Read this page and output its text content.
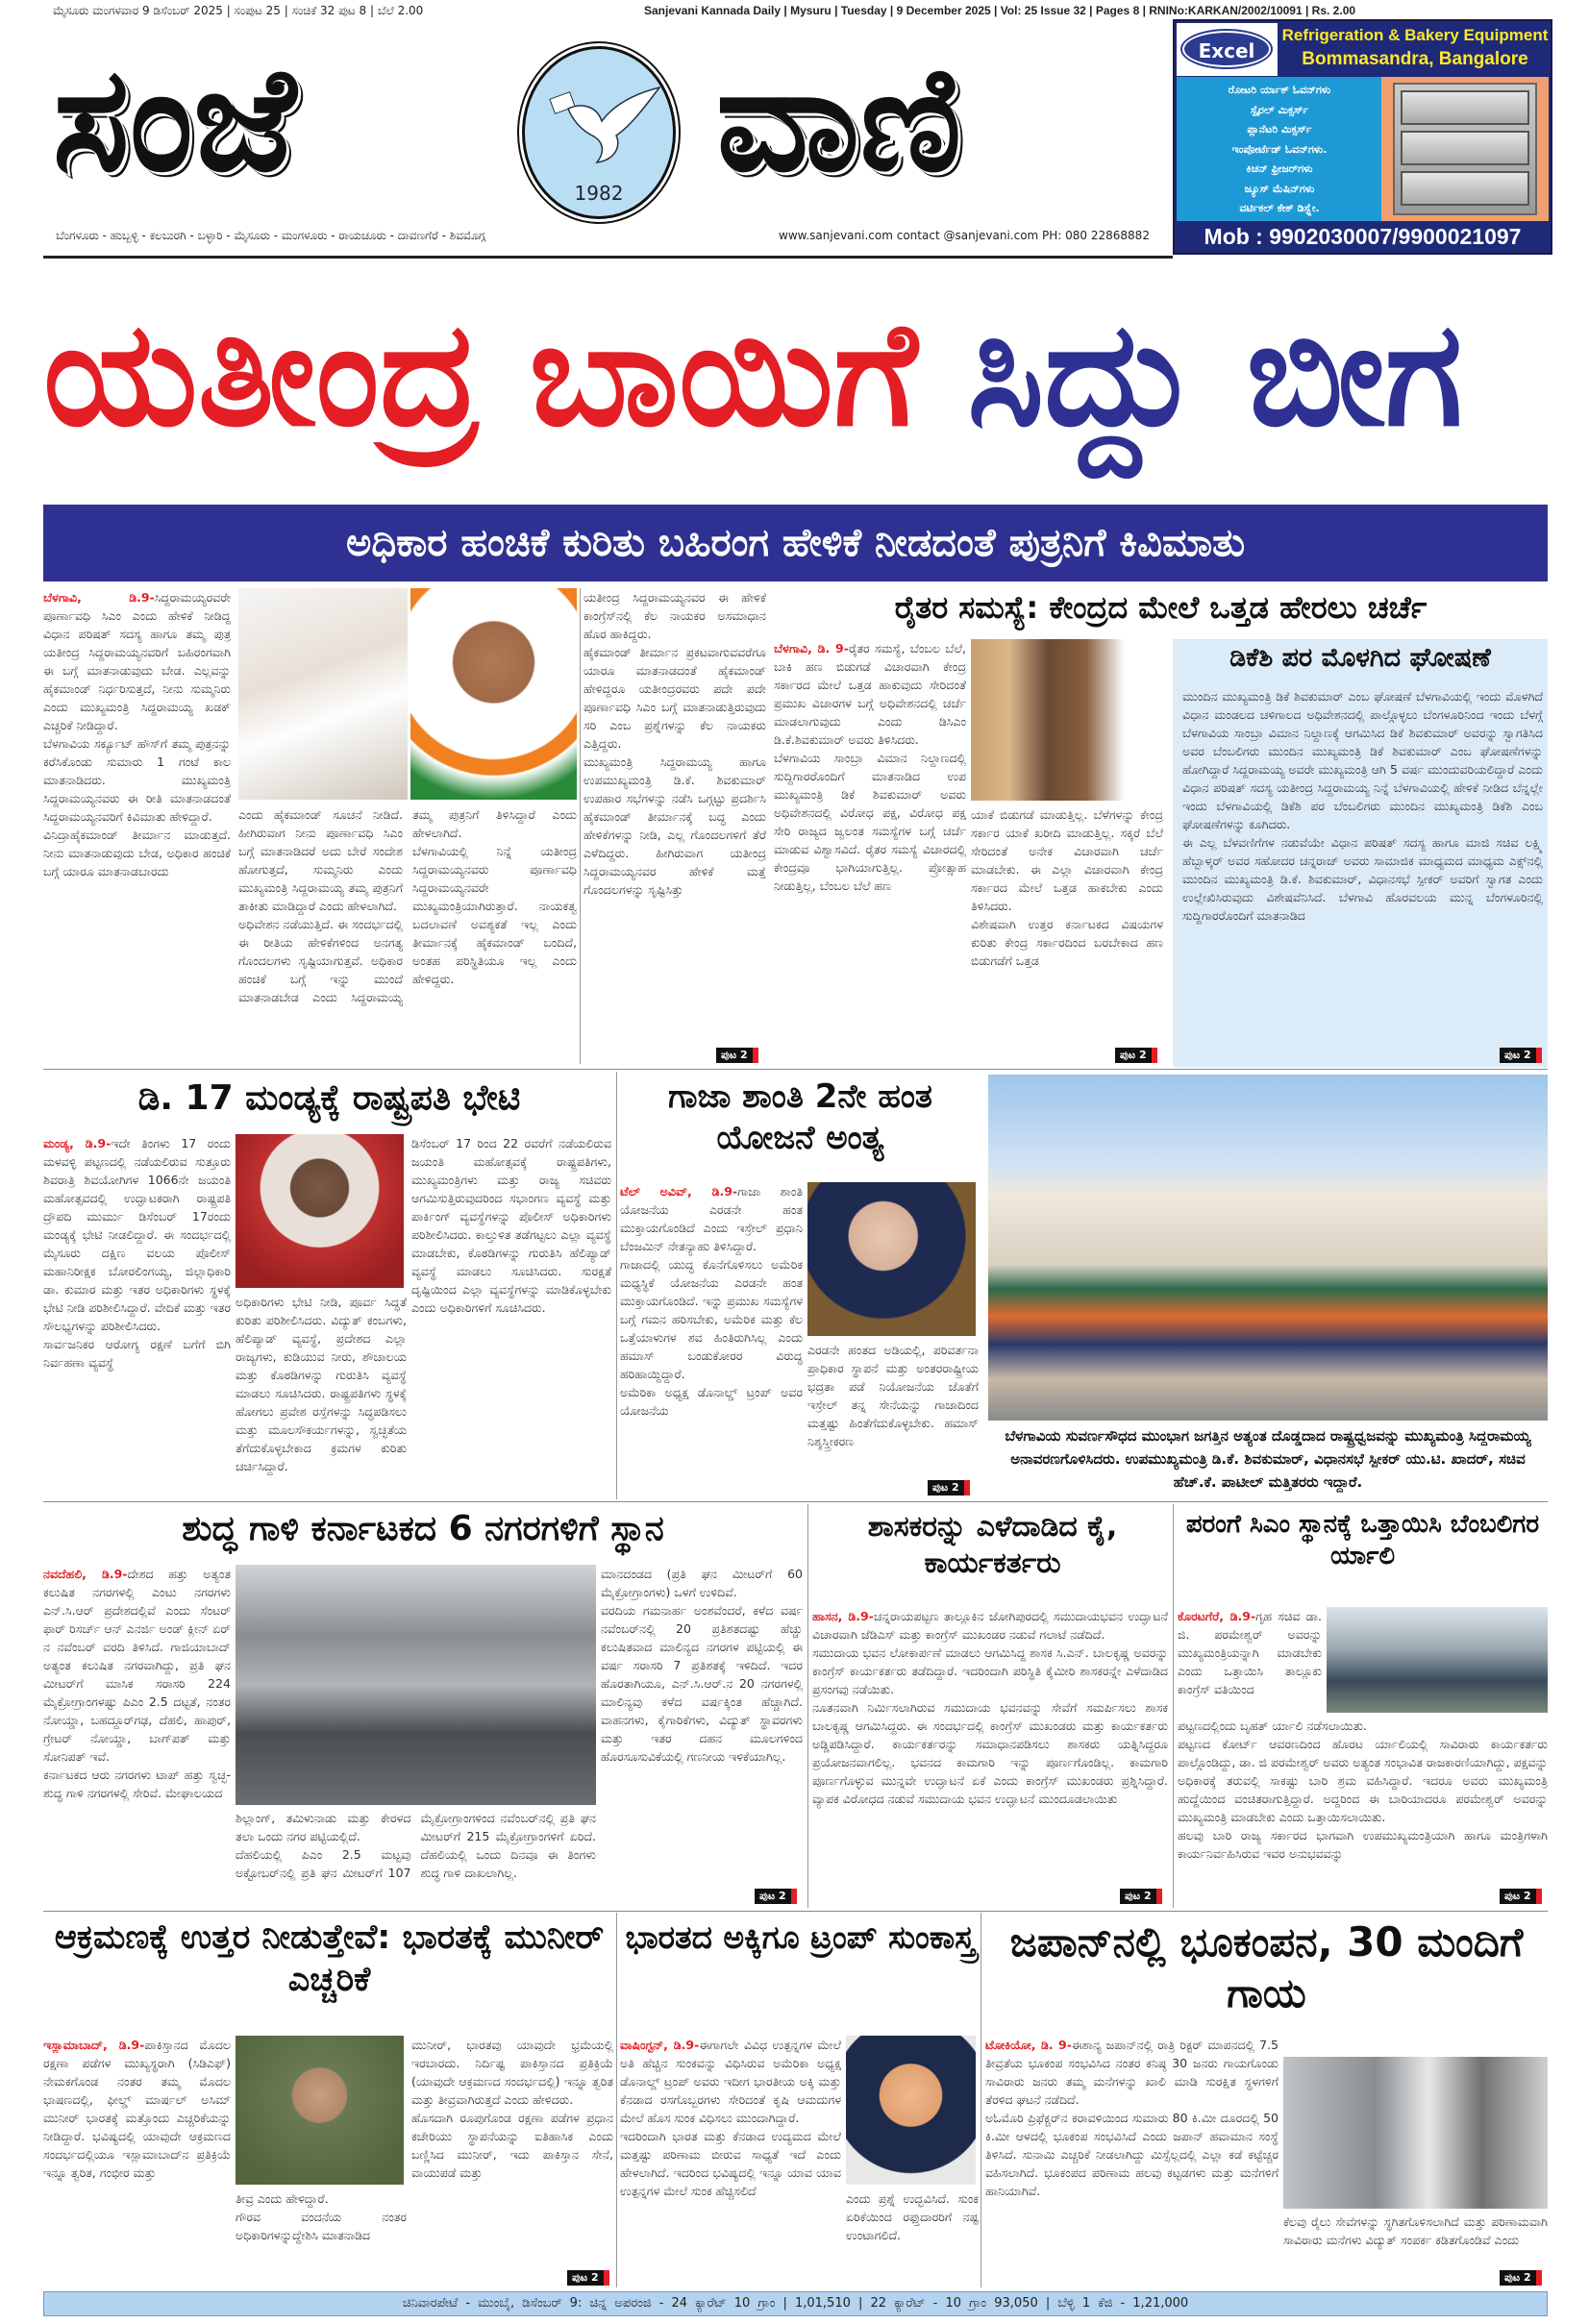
ಮೈಸೂರು ಮಂಗಳವಾರ 9 ಡಿಸೆಂಬರ್ 2025 | ಸಂಪುಟ 25 | ಸಂಚಿಕೆ 32 ಪುಟ 8 | ಬೆಲೆ 2.00	Sanjevani Kannada Daily | Mysuru | Tuesday | 9 December 2025 | Vol: 25 Issue 32 | Pages 8 | RNINo:KARKAN/2002/10091 | Rs. 2.00
ಸಂಜೆ	1982 ವಾಣಿ
ಬೆಂಗಳೂರು - ಹುಬ್ಬಳ್ಳಿ - ಕಲಬುರಗಿ - ಬಳ್ಳಾರಿ - ಮೈಸೂರು - ಮಂಗಳೂರು - ರಾಯಚೂರು - ದಾವಣಗೆರೆ - ಶಿವಮೊಗ್ಗ	www.sanjevani.com contact @sanjevani.com PH: 080 22868882
Excel
Refrigeration & Bakery Equipment
Bommasandra, Bangalore
ರೋಟರಿ ರ್ಯಾಕ್ ಓವನ್‌ಗಳು
ಸ್ಪೈರಲ್ ಮಿಕ್ಸರ್ಸ್
ಪ್ಲಾನೆಟರಿ ಮಿಕ್ಸರ್ಸ್
ಇಂಪೋರ್ಟೆಡ್ ಓವನ್‌ಗಳು.
ಕಿಚನ್ ಫ್ರೀಜರ್‌ಗಳು
ಜ್ಯೂಸ್ ಮೆಷಿನ್‌ಗಳು
ವರ್ಟಿಕಲ್ ಕೇಕ್ ಡಿಸ್ಪ್ಲೇ.
Mob : 9902030007/9900021097
ಯತೀಂದ್ರ ಬಾಯಿಗೆ ಸಿದ್ದು ಬೀಗ
ಅಧಿಕಾರ ಹಂಚಿಕೆ ಕುರಿತು ಬಹಿರಂಗ ಹೇಳಿಕೆ ನೀಡದಂತೆ ಪುತ್ರನಿಗೆ ಕಿವಿಮಾತು
ಬೆಳಗಾವಿ, ಡಿ.9-ಸಿದ್ದರಾಮಯ್ಯರವರೇ ಪೂರ್ಣಾವಧಿ ಸಿಎಂ ಎಂದು ಹೇಳಿಕೆ ನೀಡಿದ್ದ ವಿಧಾನ ಪರಿಷತ್ ಸದಸ್ಯ ಹಾಗೂ ತಮ್ಮ ಪುತ್ರ ಯತೀಂದ್ರ ಸಿದ್ದರಾಮಯ್ಯನವರಿಗೆ ಬಹಿರಂಗವಾಗಿ ಈ ಬಗ್ಗೆ ಮಾತನಾಡುವುದು ಬೇಡ. ಎಲ್ಲವನ್ನು ಹೈಕಮಾಂಡ್ ನಿರ್ಧರಿಸುತ್ತದೆ, ನೀನು ಸುಮ್ಮನಿರು ಎಂದು ಮುಖ್ಯಮಂತ್ರಿ ಸಿದ್ದರಾಮಯ್ಯ ಖಡಕ್ ಎಚ್ಚರಿಕೆ ನೀಡಿದ್ದಾರೆ.
ಬೆಳಗಾವಿಯ ಸರ್ಕ್ಯೂಟ್ ಹೌಸ್‌ಗೆ ತಮ್ಮ ಪುತ್ರನನ್ನು ಕರೆಸಿಕೊಂಡು ಸುಮಾರು 1 ಗಂಟೆ ಕಾಲ ಮಾತನಾಡಿದರು. ಮುಖ್ಯಮಂತ್ರಿ ಸಿದ್ದರಾಮಯ್ಯನವರು ಈ ರೀತಿ ಮಾತನಾಡದಂತೆ ಸಿದ್ದರಾಮಯ್ಯನವರಿಗೆ ಕಿವಿಮಾತು ಹೇಳಿದ್ದಾರೆ.
ವಿನಿದ್ರಾಹೈಕಮಾಂಡ್ ತೀರ್ಮಾನ ಮಾಡುತ್ತದೆ. ನೀನು ಮಾತನಾಡುವುದು ಬೇಡ, ಅಧಿಕಾರ ಹಂಚಿಕೆ ಬಗ್ಗೆ ಯಾರೂ ಮಾತನಾಡಬಾರದು
ಎಂದು ಹೈಕಮಾಂಡ್ ಸೂಚನೆ ನೀಡಿದೆ. ಹೀಗಿರುವಾಗ ನೀನು ಪೂರ್ಣಾವಧಿ ಸಿಎಂ ಬಗ್ಗೆ ಮಾತನಾಡಿದರೆ ಅದು ಬೇರೆ ಸಂದೇಶ ಹೋಗುತ್ತದೆ, ಸುಮ್ಮನಿರು ಎಂದು ಮುಖ್ಯಮಂತ್ರಿ ಸಿದ್ದರಾಮಯ್ಯ ತಮ್ಮ ಪುತ್ರನಿಗೆ ತಾಕೀತು ಮಾಡಿದ್ದಾರೆ ಎಂದು ಹೇಳಲಾಗಿದೆ.
ಅಧಿವೇಶನ ನಡೆಯುತ್ತಿದೆ. ಈ ಸಂದರ್ಭದಲ್ಲಿ ಈ ರೀತಿಯ ಹೇಳಿಕೆಗಳಿಂದ ಅನಗತ್ಯ ಗೊಂದಲಗಳು ಸೃಷ್ಟಿಯಾಗುತ್ತವೆ. ಅಧಿಕಾರ ಹಂಚಿಕೆ ಬಗ್ಗೆ ಇನ್ನು ಮುಂದೆ ಮಾತನಾಡಬೇಡ ಎಂದು ಸಿದ್ದರಾಮಯ್ಯ ತಮ್ಮ ಪುತ್ರನಿಗೆ ತಿಳಿಸಿದ್ದಾರೆ ಎಂದು ಹೇಳಲಾಗಿದೆ.
ಬೆಳಗಾವಿಯಲ್ಲಿ ನಿನ್ನೆ ಯತೀಂದ್ರ ಸಿದ್ದರಾಮಯ್ಯನವರು ಪೂರ್ಣಾವಧಿ ಸಿದ್ದರಾಮಯ್ಯನವರೇ ಮುಖ್ಯಮಂತ್ರಿಯಾಗಿರುತ್ತಾರೆ. ನಾಯಕತ್ವ ಬದಲಾವಣೆ ಅವಶ್ಯಕತೆ ಇಲ್ಲ ಎಂದು ತೀರ್ಮಾನಕ್ಕೆ ಹೈಕಮಾಂಡ್ ಬಂದಿದೆ, ಅಂತಹ ಪರಿಸ್ಥಿತಿಯೂ ಇಲ್ಲ ಎಂದು ಹೇಳಿದ್ದರು.
ಯತೀಂದ್ರ ಸಿದ್ದರಾಮಯ್ಯನವರ ಈ ಹೇಳಿಕೆ ಕಾಂಗ್ರೆಸ್‌ನಲ್ಲಿ ಕೆಲ ನಾಯಕರ ಅಸಮಾಧಾನ ಹೊರ ಹಾಕಿದ್ದರು.
ಹೈಕಮಾಂಡ್ ತೀರ್ಮಾನ ಪ್ರಕಟವಾಗುವವರೆಗೂ ಯಾರೂ ಮಾತನಾಡದಂತೆ ಹೈಕಮಾಂಡ್ ಹೇಳಿದ್ದರೂ ಯತೀಂದ್ರರವರು ಪದೇ ಪದೇ ಪೂರ್ಣಾವಧಿ ಸಿಎಂ ಬಗ್ಗೆ ಮಾತನಾಡುತ್ತಿರುವುದು ಸರಿ ಎಂಬ ಪ್ರಶ್ನೆಗಳನ್ನು ಕೆಲ ನಾಯಕರು ಎತ್ತಿದ್ದರು.
ಮುಖ್ಯಮಂತ್ರಿ ಸಿದ್ದರಾಮಯ್ಯ ಹಾಗೂ ಉಪಮುಖ್ಯಮಂತ್ರಿ ಡಿ.ಕೆ. ಶಿವಕುಮಾರ್ ಉಪಹಾರ ಸಭೆಗಳನ್ನು ನಡೆಸಿ ಒಗ್ಗಟ್ಟು ಪ್ರದರ್ಶಿಸಿ ಹೈಕಮಾಂಡ್ ತೀರ್ಮಾನಕ್ಕೆ ಬದ್ಧ ಎಂದು ಹೇಳಿಕೆಗಳನ್ನು ನೀಡಿ, ಎಲ್ಲ ಗೊಂದಲಗಳಿಗೆ ತೆರೆ ಎಳೆದಿದ್ದರು. ಹೀಗಿರುವಾಗ ಯತೀಂದ್ರ ಸಿದ್ದರಾಮಯ್ಯನವರ ಹೇಳಿಕೆ ಮತ್ತೆ ಗೊಂದಲಗಳನ್ನು ಸೃಷ್ಟಿಸಿತ್ತು
ಪುಟ 2
ರೈತರ ಸಮಸ್ಯೆ: ಕೇಂದ್ರದ ಮೇಲೆ ಒತ್ತಡ ಹೇರಲು ಚರ್ಚೆ
ಬೆಳಗಾವಿ, ಡಿ. 9-ರೈತರ ಸಮಸ್ಯೆ, ಬೆಂಬಲ ಬೆಲೆ, ಬಾಕಿ ಹಣ ಬಿಡುಗಡೆ ವಿಚಾರವಾಗಿ ಕೇಂದ್ರ ಸರ್ಕಾರದ ಮೇಲೆ ಒತ್ತಡ ಹಾಕುವುದು ಸೇರಿದಂತೆ ಪ್ರಮುಖ ವಿಚಾರಗಳ ಬಗ್ಗೆ ಅಧಿವೇಶನದಲ್ಲಿ ಚರ್ಚೆ ಮಾಡಲಾಗುವುದು ಎಂದು ಡಿಸಿಎಂ ಡಿ.ಕೆ.ಶಿವಕುಮಾರ್ ಅವರು ತಿಳಿಸಿದರು.
ಬೆಳಗಾವಿಯ ಸಾಂಬ್ರಾ ವಿಮಾನ ನಿಲ್ದಾಣದಲ್ಲಿ ಸುದ್ದಿಗಾರರೊಂದಿಗೆ ಮಾತನಾಡಿದ ಉಪ ಮುಖ್ಯಮಂತ್ರಿ ಡಿಕೆ ಶಿವಕುಮಾರ್ ಅವರು ಅಧಿವೇಶನದಲ್ಲಿ ವಿರೋಧ ಪಕ್ಷ, ವಿರೋಧ ಪಕ್ಷ ಸೇರಿ ರಾಜ್ಯದ ಜ್ವಲಂತ ಸಮಸ್ಯೆಗಳ ಬಗ್ಗೆ ಚರ್ಚೆ ಮಾಡುವ ವಿಶ್ವಾಸವಿದೆ. ರೈತರ ಸಮಸ್ಯೆ ವಿಚಾರದಲ್ಲಿ ಕೇಂದ್ರವೂ ಭಾಗಿಯಾಗುತ್ತಿಲ್ಲ. ಪ್ರೋತ್ಸಾಹ ನೀಡುತ್ತಿಲ್ಲ, ಬೆಂಬಲ ಬೆಲೆ ಹಣ
ಯಾಕೆ ಬಿಡುಗಡೆ ಮಾಡುತ್ತಿಲ್ಲ. ಬೆಳೆಗಳನ್ನು ಕೇಂದ್ರ ಸರ್ಕಾರ ಯಾಕೆ ಖರೀದಿ ಮಾಡುತ್ತಿಲ್ಲ. ಸಕ್ಕರೆ ಬೆಲೆ ಸೇರಿದಂತೆ ಅನೇಕ ವಿಚಾರವಾಗಿ ಚರ್ಚೆ ಮಾಡಬೇಕು. ಈ ಎಲ್ಲಾ ವಿಚಾರವಾಗಿ ಕೇಂದ್ರ ಸರ್ಕಾರದ ಮೇಲೆ ಒತ್ತಡ ಹಾಕಬೇಕು ಎಂದು ತಿಳಿಸಿದರು.
ವಿಶೇಷವಾಗಿ ಉತ್ತರ ಕರ್ನಾಟಕದ ವಿಷಯಗಳ ಕುರಿತು ಕೇಂದ್ರ ಸರ್ಕಾರದಿಂದ ಬರಬೇಕಾದ ಹಣ ಬಿಡುಗಡೆಗೆ ಒತ್ತಡ
ಪುಟ 2
ಡಿಕೆಶಿ ಪರ ಮೊಳಗಿದ ಘೋಷಣೆ
ಮುಂದಿನ ಮುಖ್ಯಮಂತ್ರಿ ಡಿಕೆ ಶಿವಕುಮಾರ್ ಎಂಬ ಘೋಷಣೆ ಬೆಳಗಾವಿಯಲ್ಲಿ ಇಂದು ಮೊಳಗಿದೆ ವಿಧಾನ ಮಂಡಲದ ಚಳಿಗಾಲದ ಅಧಿವೇಶನದಲ್ಲಿ ಪಾಲ್ಗೊಳ್ಳಲು ಬೆಂಗಳೂರಿನಿಂದ ಇಂದು ಬೆಳಗ್ಗೆ ಬೆಳಗಾವಿಯ ಸಾಂಬ್ರಾ ವಿಮಾನ ನಿಲ್ದಾಣಕ್ಕೆ ಆಗಮಿಸಿದ ಡಿಕೆ ಶಿವಕುಮಾರ್ ಅವರನ್ನು ಸ್ವಾಗತಿಸಿದ ಅವರ ಬೆಂಬಲಿಗರು ಮುಂದಿನ ಮುಖ್ಯಮಂತ್ರಿ ಡಿಕೆ ಶಿವಕುಮಾರ್ ಎಂಬ ಘೋಷಣೆಗಳನ್ನು ಹೋಗಿದ್ದಾರೆ ಸಿದ್ದರಾಮಯ್ಯ ಅವರೇ ಮುಖ್ಯಮಂತ್ರಿ ಆಗಿ 5 ವರ್ಷ ಮುಂದುವರಿಯಲಿದ್ದಾರೆ ಎಂದು ವಿಧಾನ ಪರಿಷತ್ ಸದಸ್ಯ ಯತೀಂದ್ರ ಸಿದ್ದರಾಮಯ್ಯ ನಿನ್ನೆ ಬೆಳಗಾವಿಯಲ್ಲಿ ಹೇಳಿಕೆ ನೀಡಿದ ಬೆನ್ನಲ್ಲೇ ಇಂದು ಬೆಳಗಾವಿಯಲ್ಲಿ ಡಿಕೆಶಿ ಪರ ಬೆಂಬಲಿಗರು ಮುಂದಿನ ಮುಖ್ಯಮಂತ್ರಿ ಡಿಕೆಶಿ ಎಂಬ ಘೋಷಣೆಗಳನ್ನು ಕೂಗಿದರು.
ಈ ಎಲ್ಲ ಬೆಳವಣಿಗೆಗಳ ನಡುವೆಯೇ ವಿಧಾನ ಪರಿಷತ್ ಸದಸ್ಯ ಹಾಗೂ ಮಾಜಿ ಸಚಿವ ಲಕ್ಷ್ಮಿ ಹೆಬ್ಬಾಳ್ಕರ್ ಅವರ ಸಹೋದರ ಚನ್ನರಾಜ್ ಅವರು ಸಾಮಾಜಿಕ ಮಾಧ್ಯಮದ ಮಾಧ್ಯಮ ಎಕ್ಸ್‌ನಲ್ಲಿ ಮುಂದಿನ ಮುಖ್ಯಮಂತ್ರಿ ಡಿ.ಕೆ. ಶಿವಕುಮಾರ್, ವಿಧಾನಸಭೆ ಸ್ಪೀಕರ್ ಅವರಿಗೆ ಸ್ವಾಗತ ಎಂದು ಉಲ್ಲೇಖಿಸಿರುವುದು ವಿಶೇಷವೆನಿಸಿದೆ. ಬೆಳಗಾವಿ ಹೊರವಲಯ ಮುನ್ನ ಬೆಂಗಳೂರಿನಲ್ಲಿ ಸುದ್ದಿಗಾರರೊಂದಿಗೆ ಮಾತನಾಡಿದ
ಪುಟ 2
ಡಿ. 17 ಮಂಡ್ಯಕ್ಕೆ ರಾಷ್ಟ್ರಪತಿ ಭೇಟಿ
ಮಂಡ್ಯ, ಡಿ.9-ಇದೇ ತಿಂಗಳು 17 ರಂದು ಮಳವಳ್ಳಿ ಪಟ್ಟಣದಲ್ಲಿ ನಡೆಯಲಿರುವ ಸುತ್ತೂರು ಶಿವರಾತ್ರಿ ಶಿವಯೋಗಿಗಳ 1066ನೇ ಜಯಂತಿ ಮಹೋತ್ಸವದಲ್ಲಿ ಉದ್ಘಾಟಕರಾಗಿ ರಾಷ್ಟ್ರಪತಿ ದ್ರೌಪದಿ ಮುರ್ಮು ಡಿಸೆಂಬರ್ 17ರಂದು ಮಂಡ್ಯಕ್ಕೆ ಭೇಟಿ ನೀಡಲಿದ್ದಾರೆ. ಈ ಸಂದರ್ಭದಲ್ಲಿ ಮೈಸೂರು ದಕ್ಷಿಣ ವಲಯ ಪೊಲೀಸ್ ಮಹಾನಿರೀಕ್ಷಕ ಬೋರಲಿಂಗಯ್ಯ, ಜಿಲ್ಲಾಧಿಕಾರಿ ಡಾ. ಕುಮಾರ ಮತ್ತು ಇತರ ಅಧಿಕಾರಿಗಳು ಸ್ಥಳಕ್ಕೆ ಭೇಟಿ ನೀಡಿ ಪರಿಶೀಲಿಸಿದ್ದಾರೆ. ವೇದಿಕೆ ಮತ್ತು ಇತರ ಸೌಲಭ್ಯಗಳನ್ನು ಪರಿಶೀಲಿಸಿದರು.
ಸಾರ್ವಜನಿಕರ ಆರೋಗ್ಯ ರಕ್ಷಣೆ ಬಗೆಗೆ ಬಿಗಿ ನಿರ್ವಹಣಾ ವ್ಯವಸ್ಥೆ
ಅಧಿಕಾರಿಗಳು ಭೇಟಿ ನೀಡಿ, ಪೂರ್ವ ಸಿದ್ಧತೆ ಕುರಿತು ಪರಿಶೀಲಿಸಿದರು. ವಿದ್ಯುತ್ ಕಂಬಗಳು, ಹೆಲಿಪ್ಯಾಡ್ ವ್ಯವಸ್ಥೆ, ಪ್ರದೇಶದ ಎಲ್ಲಾ ರಾಜ್ಯಗಳು, ಕುಡಿಯುವ ನೀರು, ಶೌಚಾಲಯ ಮತ್ತು ಕೊಠಡಿಗಳನ್ನು ಗುರುತಿಸಿ ವ್ಯವಸ್ಥೆ ಮಾಡಲು ಸೂಚಿಸಿದರು. ರಾಷ್ಟ್ರಪತಿಗಳು ಸ್ಥಳಕ್ಕೆ ಹೋಗಲು ಪ್ರವೇಶ ರಸ್ತೆಗಳನ್ನು ಸಿದ್ಧಪಡಿಸಲು ಮತ್ತು ಮೂಲಸೌಕರ್ಯಗಳನ್ನು, ಸ್ವಚ್ಛತೆಯ ತೆಗೆದುಕೊಳ್ಳಬೇಕಾದ ಕ್ರಮಗಳ ಕುರಿತು ಚರ್ಚಿಸಿದ್ದಾರೆ.
ಡಿಸೆಂಬರ್ 17 ರಿಂದ 22 ರವರೆಗೆ ನಡೆಯಲಿರುವ ಜಯಂತಿ ಮಹೋತ್ಸವಕ್ಕೆ ರಾಷ್ಟ್ರಪತಿಗಳು, ಮುಖ್ಯಮಂತ್ರಿಗಳು ಮತ್ತು ರಾಜ್ಯ ಸಚಿವರು ಆಗಮಿಸುತ್ತಿರುವುದರಿಂದ ಸಭಾಂಗಣ ವ್ಯವಸ್ಥೆ ಮತ್ತು ಪಾರ್ಕಿಂಗ್ ವ್ಯವಸ್ಥೆಗಳನ್ನು ಪೊಲೀಸ್ ಅಧಿಕಾರಿಗಳು ಪರಿಶೀಲಿಸಿದರು. ಕಾಲ್ತುಳಿತ ತಡೆಗಟ್ಟಲು ಎಲ್ಲಾ ವ್ಯವಸ್ಥೆ ಮಾಡಬೇಕು, ಕೊಠಡಿಗಳನ್ನು ಗುರುತಿಸಿ ಹೆಲಿಪ್ಯಾಡ್ ವ್ಯವಸ್ಥೆ ಮಾಡಲು ಸೂಚಿಸಿದರು. ಸುರಕ್ಷತೆ ದೃಷ್ಟಿಯಿಂದ ಎಲ್ಲಾ ವ್ಯವಸ್ಥೆಗಳನ್ನು ಮಾಡಿಕೊಳ್ಳಬೇಕು ಎಂದು ಅಧಿಕಾರಿಗಳಿಗೆ ಸೂಚಿಸಿದರು.
ಗಾಜಾ ಶಾಂತಿ 2ನೇ ಹಂತ ಯೋಜನೆ ಅಂತ್ಯ
ಟೆಲ್ ಅವಿವ್, ಡಿ.9-ಗಾಜಾ ಶಾಂತಿ ಯೋಜನೆಯ ಎರಡನೇ ಹಂತ ಮುಕ್ತಾಯಗೊಂಡಿದೆ ಎಂದು ಇಸ್ರೇಲ್ ಪ್ರಧಾನಿ ಬೆಂಜಮಿನ್ ನೇತನ್ಯಾಹು ತಿಳಿಸಿದ್ದಾರೆ.
ಗಾಜಾದಲ್ಲಿ ಯುದ್ಧ ಕೊನೆಗೊಳಿಸಲು ಅಮೆರಿಕ ಮಧ್ಯಸ್ಥಿಕೆ ಯೋಜನೆಯ ಎರಡನೇ ಹಂತ ಮುಕ್ತಾಯಗೊಂಡಿದೆ. ಇನ್ನು ಪ್ರಮುಖ ಸಮಸ್ಯೆಗಳ ಬಗ್ಗೆ ಗಮನ ಹರಿಸಬೇಕು, ಅಮೆರಿಕ ಮತ್ತು ಕೆಲ ಒತ್ತೆಯಾಳುಗಳ ಶವ ಹಿಂತಿರುಗಿಸಿಲ್ಲ ಎಂದು ಹಮಾಸ್ ಬಂಡುಕೋರರ ವಿರುದ್ಧ ಹರಿಹಾಯ್ದಿದ್ದಾರೆ.
ಅಮೆರಿಕಾ ಅಧ್ಯಕ್ಷ ಡೊನಾಲ್ಡ್ ಟ್ರಂಪ್ ಅವರ ಯೋಜನೆಯ
ಎರಡನೇ ಹಂತದ ಅಡಿಯಲ್ಲಿ, ಪರಿವರ್ತನಾ ಪ್ರಾಧಿಕಾರ ಸ್ಥಾಪನೆ ಮತ್ತು ಅಂತರರಾಷ್ಟ್ರೀಯ ಭದ್ರತಾ ಪಡೆ ನಿಯೋಜನೆಯ ಜೊತೆಗೆ ಇಸ್ರೇಲ್ ತನ್ನ ಸೇನೆಯನ್ನು ಗಾಜಾದಿಂದ ಮತ್ತಷ್ಟು ಹಿಂತೆಗೆದುಕೊಳ್ಳಬೇಕು. ಹಮಾಸ್ ನಿಶ್ಶಸ್ತ್ರೀಕರಣ
ಪುಟ 2
ಬೆಳಗಾವಿಯ ಸುವರ್ಣಸೌಧದ ಮುಂಭಾಗ ಜಗತ್ತಿನ ಅತ್ಯಂತ ದೊಡ್ಡದಾದ ರಾಷ್ಟ್ರಧ್ವಜವನ್ನು ಮುಖ್ಯಮಂತ್ರಿ ಸಿದ್ದರಾಮಯ್ಯ ಅನಾವರಣಗೊಳಿಸಿದರು. ಉಪಮುಖ್ಯಮಂತ್ರಿ ಡಿ.ಕೆ. ಶಿವಕುಮಾರ್, ವಿಧಾನಸಭೆ ಸ್ಪೀಕರ್ ಯು.ಟಿ. ಖಾದರ್, ಸಚಿವ ಹೆಚ್.ಕೆ. ಪಾಟೀಲ್ ಮತ್ತಿತರರು ಇದ್ದಾರೆ.
ಶುದ್ಧ ಗಾಳಿ ಕರ್ನಾಟಕದ 6 ನಗರಗಳಿಗೆ ಸ್ಥಾನ
ನವದೆಹಲಿ, ಡಿ.9-ದೇಶದ ಹತ್ತು ಅತ್ಯಂತ ಕಲುಷಿತ ನಗರಗಳಲ್ಲಿ ಎಂಟು ನಗರಗಳು ಎನ್‌.ಸಿ.ಆರ್ ಪ್ರದೇಶದಲ್ಲಿವೆ ಎಂದು ಸೆಂಟರ್ ಫಾರ್ ರಿಸರ್ಚ್ ಆನ್ ಎನರ್ಜಿ ಅಂಡ್ ಕ್ಲೀನ್ ಏರ್ ನ ನವೆಂಬರ್ ವರದಿ ತಿಳಿಸಿದೆ. ಗಾಜಿಯಾಬಾದ್ ಅತ್ಯಂತ ಕಲುಷಿತ ನಗರವಾಗಿದ್ದು, ಪ್ರತಿ ಘನ ಮೀಟರ್‌ಗೆ ಮಾಸಿಕ ಸರಾಸರಿ 224 ಮೈಕ್ರೋಗ್ರಾಂಗಳಷ್ಟು ಪಿಎಂ 2.5 ದಟ್ಟತೆ, ನಂತರ ನೋಯ್ಡಾ, ಬಹದ್ದೂರ್‌ಗಢ, ದೆಹಲಿ, ಹಾಪುರ್, ಗ್ರೇಟರ್ ನೋಯ್ಡಾ, ಬಾಗ್‌ಪತ್ ಮತ್ತು ಸೋನಿಪತ್ ಇವೆ.
ಕರ್ನಾಟಕದ ಆರು ನಗರಗಳು ಟಾಪ್ ಹತ್ತು ಸ್ವಚ್ಛ-ಶುದ್ಧ ಗಾಳಿ ನಗರಗಳಲ್ಲಿ ಸೇರಿವೆ. ಮೇಘಾಲಯದ
ಶಿಲ್ಲಾಂಗ್, ತಮಿಳುನಾಡು ಮತ್ತು ಕೇರಳದ ತಲಾ ಒಂದು ನಗರ ಪಟ್ಟಿಯಲ್ಲಿದೆ.
ದೆಹಲಿಯಲ್ಲಿ ಪಿಎಂ 2.5 ಮಟ್ಟವು ಅಕ್ಟೋಬರ್‌ನಲ್ಲಿ ಪ್ರತಿ ಘನ ಮೀಟರ್‌ಗೆ 107 ಮೈಕ್ರೋಗ್ರಾಂಗಳಿಂದ ನವೆಂಬರ್‌ನಲ್ಲಿ ಪ್ರತಿ ಘನ ಮೀಟರ್‌ಗೆ 215 ಮೈಕ್ರೋಗ್ರಾಂಗಳಿಗೆ ಏರಿದೆ. ದೆಹಲಿಯಲ್ಲಿ ಒಂದು ದಿನವೂ ಈ ತಿಂಗಳು ಶುದ್ಧ ಗಾಳಿ ದಾಖಲಾಗಿಲ್ಲ.
ಮಾನದಂಡದ (ಪ್ರತಿ ಘನ ಮೀಟರ್‌ಗೆ 60 ಮೈಕ್ರೋಗ್ರಾಂಗಳು) ಒಳಗೆ ಉಳಿದಿವೆ.
ವರದಿಯ ಗಮನಾರ್ಹ ಅಂಶವೆಂದರೆ, ಕಳೆದ ವರ್ಷ ನವೆಂಬರ್‌ನಲ್ಲಿ 20 ಪ್ರತಿಶತದಷ್ಟು ಹೆಚ್ಚು ಕಲುಷಿತವಾದ ಮಾಲಿನ್ಯದ ನಗರಗಳ ಪಟ್ಟಿಯಲ್ಲಿ ಈ ವರ್ಷ ಸರಾಸರಿ 7 ಪ್ರತಿಶತಕ್ಕೆ ಇಳಿದಿದೆ. ಇದರ ಹೊರತಾಗಿಯೂ, ಎನ್‌.ಸಿ.ಆರ್‌.ನ 20 ನಗರಗಳಲ್ಲಿ ಮಾಲಿನ್ಯವು ಕಳೆದ ವರ್ಷಕ್ಕಿಂತ ಹೆಚ್ಚಾಗಿದೆ. ವಾಹನಗಳು, ಕೈಗಾರಿಕೆಗಳು, ವಿದ್ಯುತ್ ಸ್ಥಾವರಗಳು ಮತ್ತು ಇತರ ದಹನ ಮೂಲಗಳಿಂದ ಹೊರಸೂಸುವಿಕೆಯಲ್ಲಿ ಗಣನೀಯ ಇಳಿಕೆಯಾಗಿಲ್ಲ.
ಪುಟ 2
ಶಾಸಕರನ್ನು ಎಳೆದಾಡಿದ ಕೈ, ಕಾರ್ಯಕರ್ತರು
ಹಾಸನ, ಡಿ.9-ಚನ್ನರಾಯಪಟ್ಟಣ ತಾಲ್ಲೂಕಿನ ಜೋಗಿಪುರದಲ್ಲಿ ಸಮುದಾಯಭವನ ಉದ್ಘಾಟನೆ ವಿಚಾರವಾಗಿ ಜೆಡಿಎಸ್ ಮತ್ತು ಕಾಂಗ್ರೆಸ್ ಮುಖಂಡರ ನಡುವೆ ಗಲಾಟೆ ನಡೆದಿದೆ.
ಸಮುದಾಯ ಭವನ ಲೋಕಾರ್ಪಣೆ ಮಾಡಲು ಆಗಮಿಸಿದ್ದ ಶಾಸಕ ಸಿ.ಎನ್. ಬಾಲಕೃಷ್ಣ ಅವರನ್ನು ಕಾಂಗ್ರೆಸ್ ಕಾರ್ಯಕರ್ತರು ತಡೆದಿದ್ದಾರೆ. ಇದರಿಂದಾಗಿ ಪರಿಸ್ಥಿತಿ ಕೈಮೀರಿ ಶಾಸಕರನ್ನೇ ಎಳೆದಾಡಿದ ಪ್ರಸಂಗವು ನಡೆಯಿತು.
ನೂತನವಾಗಿ ನಿರ್ಮಿಸಲಾಗಿರುವ ಸಮುದಾಯ ಭವನವನ್ನು ಸೇವೆಗೆ ಸಮರ್ಪಿಸಲು ಶಾಸಕ ಬಾಲಕೃಷ್ಣ ಆಗಮಿಸಿದ್ದರು. ಈ ಸಂದರ್ಭದಲ್ಲಿ ಕಾಂಗ್ರೆಸ್ ಮುಖಂಡರು ಮತ್ತು ಕಾರ್ಯಕರ್ತರು ಅಡ್ಡಿಪಡಿಸಿದ್ದಾರೆ. ಕಾರ್ಯಕರ್ತರನ್ನು ಸಮಾಧಾನಪಡಿಸಲು ಶಾಸಕರು ಯತ್ನಿಸಿದ್ದರೂ ಪ್ರಯೋಜನವಾಗಲಿಲ್ಲ. ಭವನದ ಕಾಮಗಾರಿ ಇನ್ನು ಪೂರ್ಣಗೊಂಡಿಲ್ಲ. ಕಾಮಗಾರಿ ಪೂರ್ಣಗೊಳ್ಳುವ ಮುನ್ನವೇ ಉದ್ಘಾಟನೆ ಏಕೆ ಎಂದು ಕಾಂಗ್ರೆಸ್ ಮುಖಂಡರು ಪ್ರಶ್ನಿಸಿದ್ದಾರೆ. ವ್ಯಾಪಕ ವಿರೋಧದ ನಡುವೆ ಸಮುದಾಯ ಭವನ ಉದ್ಘಾಟನೆ ಮುಂದೂಡಲಾಯಿತು
ಪುಟ 2
ಪರಂಗೆ ಸಿಎಂ ಸ್ಥಾನಕ್ಕೆ ಒತ್ತಾಯಿಸಿ ಬೆಂಬಲಿಗರ ರ್ಯಾಲಿ
ಕೊರಟಗೆರೆ, ಡಿ.9-ಗೃಹ ಸಚಿವ ಡಾ. ಜಿ. ಪರಮೇಶ್ವರ್ ಅವರನ್ನು ಮುಖ್ಯಮಂತ್ರಿಯನ್ನಾಗಿ ಮಾಡಬೇಕು ಎಂದು ಒತ್ತಾಯಿಸಿ ತಾಲ್ಲೂಕು ಕಾಂಗ್ರೆಸ್ ವತಿಯಿಂದ
ಪಟ್ಟಣದಲ್ಲಿಂದು ಬೃಹತ್ ರ್ಯಾಲಿ ನಡೆಸಲಾಯಿತು.
ಪಟ್ಟಣದ ಕೋರ್ಟ್ ಆವರಣದಿಂದ ಹೊರಟ ರ್ಯಾಲಿಯಲ್ಲಿ ಸಾವಿರಾರು ಕಾರ್ಯಕರ್ತರು ಪಾಲ್ಗೊಂಡಿದ್ದು, ಡಾ. ಜಿ ಪರಮೇಶ್ವರ್ ಅವರು ಅತ್ಯಂತ ಸಂಭಾವಿತ ರಾಜಕಾರಣಿಯಾಗಿದ್ದು, ಪಕ್ಷವನ್ನು ಅಧಿಕಾರಕ್ಕೆ ತರುವಲ್ಲಿ ಸಾಕಷ್ಟು ಬಾರಿ ಶ್ರಮ ವಹಿಸಿದ್ದಾರೆ. ಇದರೂ ಅವರು ಮುಖ್ಯಮಂತ್ರಿ ಹುದ್ದೆಯಿಂದ ವಂಚಿತರಾಗುತ್ತಿದ್ದಾರೆ. ಅದ್ದರಿಂದ ಈ ಬಾರಿಯಾದರೂ ಪರಮೇಶ್ವರ್ ಅವರನ್ನು ಮುಖ್ಯಮಂತ್ರಿ ಮಾಡಬೇಕು ಎಂದು ಒತ್ತಾಯಿಸಲಾಯಿತು.
ಹಲವು ಬಾರಿ ರಾಜ್ಯ ಸರ್ಕಾರದ ಭಾಗವಾಗಿ ಉಪಮುಖ್ಯಮಂತ್ರಿಯಾಗಿ ಹಾಗೂ ಮಂತ್ರಿಗಳಾಗಿ ಕಾರ್ಯನಿರ್ವಹಿಸಿರುವ ಇವರ ಅನುಭವವನ್ನು
ಪುಟ 2
ಆಕ್ರಮಣಕ್ಕೆ ಉತ್ತರ ನೀಡುತ್ತೇವೆ: ಭಾರತಕ್ಕೆ ಮುನೀರ್ ಎಚ್ಚರಿಕೆ
ಇಸ್ಲಾಮಾಬಾದ್, ಡಿ.9-ಪಾಕಿಸ್ತಾನದ ಮೊದಲ ರಕ್ಷಣಾ ಪಡೆಗಳ ಮುಖ್ಯಸ್ಥರಾಗಿ (ಸಿಡಿಎಫ್) ನೇಮಕಗೊಂಡ ನಂತರ ತಮ್ಮ ಮೊದಲ ಭಾಷಣದಲ್ಲಿ, ಫೀಲ್ಡ್ ಮಾರ್ಷಲ್ ಅಸಿಮ್ ಮುನೀರ್ ಭಾರತಕ್ಕೆ ಮತ್ತೊಂದು ಎಚ್ಚರಿಕೆಯನ್ನು ನೀಡಿದ್ದಾರೆ. ಭವಿಷ್ಯದಲ್ಲಿ ಯಾವುದೇ ಆಕ್ರಮಣದ ಸಂದರ್ಭದಲ್ಲಿಯೂ ಇಸ್ಲಾಮಾಬಾದ್‌ನ ಪ್ರತಿಕ್ರಿಯೆ ಇನ್ನೂ ತ್ವರಿತ, ಗಂಭೀರ ಮತ್ತು
ತೀವ್ರ ಎಂದು ಹೇಳಿದ್ದಾರೆ.
ಗೌರವ ವಂದನೆಯ ನಂತರ ಅಧಿಕಾರಿಗಳನ್ನುದ್ದೇಶಿಸಿ ಮಾತನಾಡಿದ
ಮುನೀರ್, ಭಾರತವು ಯಾವುದೇ ಭ್ರಮೆಯಲ್ಲಿ ಇರಬಾರದು. ನಿರ್ದಿಷ್ಟ ಪಾಕಿಸ್ತಾನದ ಪ್ರತಿಕ್ರಿಯೆ (ಯಾವುದೇ ಆಕ್ರಮಣದ ಸಂದರ್ಭದಲ್ಲಿ) ಇನ್ನೂ ತ್ವರಿತ ಮತ್ತು ತೀವ್ರವಾಗಿರುತ್ತದೆ ಎಂದು ಹೇಳಿದರು.
ಹೊಸದಾಗಿ ರೂಪುಗೊಂಡ ರಕ್ಷಣಾ ಪಡೆಗಳ ಪ್ರಧಾನ ಕಚೇರಿಯು ಸ್ಥಾಪನೆಯನ್ನು ಐತಿಹಾಸಿಕ ಎಂದು ಬಣ್ಣಿಸಿದ ಮುನೀರ್, ಇದು ಪಾಕಿಸ್ತಾನ ಸೇನೆ, ವಾಯುಪಡೆ ಮತ್ತು
ಪುಟ 2
ಭಾರತದ ಅಕ್ಕಿಗೂ ಟ್ರಂಪ್ ಸುಂಕಾಸ್ತ್ರ
ವಾಷಿಂಗ್ಟನ್, ಡಿ.9-ಈಗಾಗಲೇ ವಿವಿಧ ಉತ್ಪನ್ನಗಳ ಮೇಲೆ ಅತಿ ಹೆಚ್ಚಿನ ಸುಂಕವನ್ನು ವಿಧಿಸಿರುವ ಅಮೆರಿಕಾ ಅಧ್ಯಕ್ಷ ಡೊನಾಲ್ಡ್ ಟ್ರಂಪ್ ಅವರು ಇದೀಗ ಭಾರತೀಯ ಅಕ್ಕಿ ಮತ್ತು ಕೆನಡಾದ ರಸಗೊಬ್ಬರಗಳು ಸೇರಿದಂತೆ ಕೃಷಿ ಆಮದುಗಳ ಮೇಲೆ ಹೊಸ ಸುಂಕ ವಿಧಿಸಲು ಮುಂದಾಗಿದ್ದಾರೆ.
ಇದರಿಂದಾಗಿ ಭಾರತ ಮತ್ತು ಕೆನಡಾದ ಉದ್ಯಮದ ಮೇಲೆ ಮತ್ತಷ್ಟು ಪರಿಣಾಮ ಬೀರುವ ಸಾಧ್ಯತೆ ಇದೆ ಎಂದು ಹೇಳಲಾಗಿದೆ. ಇದರಿಂದ ಭವಿಷ್ಯದಲ್ಲಿ ಇನ್ನೂ ಯಾವ ಯಾವ ಉತ್ಪನ್ನಗಳ ಮೇಲೆ ಸುಂಕ ಹೆಚ್ಚಿಸಲಿದೆ
ಎಂದು ಪ್ರಶ್ನೆ ಉದ್ಭವಿಸಿದೆ. ಸುಂಕ ಏರಿಕೆಯಿಂದ ರಫ್ತುದಾರರಿಗೆ ನಷ್ಟ ಉಂಟಾಗಲಿದೆ.
ಜಪಾನ್‌ನಲ್ಲಿ ಭೂಕಂಪನ, 30 ಮಂದಿಗೆ ಗಾಯ
ಟೋಕಿಯೋ, ಡಿ. 9-ಈಶಾನ್ಯ ಜಪಾನ್‌ನಲ್ಲಿ ರಾತ್ರಿ ರಿಕ್ಟರ್ ಮಾಪನದಲ್ಲಿ 7.5 ತೀವ್ರತೆಯ ಭೂಕಂಪ ಸಂಭವಿಸಿದ ನಂತರ ಕನಿಷ್ಠ 30 ಜನರು ಗಾಯಗೊಂಡು ಸಾವಿರಾರು ಜನರು ತಮ್ಮ ಮನೆಗಳನ್ನು ಖಾಲಿ ಮಾಡಿ ಸುರಕ್ಷಿತ ಸ್ಥಳಗಳಿಗೆ ತೆರಳಿದ ಘಟನೆ ನಡೆದಿದೆ.
ಅಓಮೊರಿ ಪ್ರಿಫೆಕ್ಚರ್‌ನ ಕರಾವಳಿಯಿಂದ ಸುಮಾರು 80 ಕಿ.ಮೀ ದೂರದಲ್ಲಿ 50 ಕಿ.ಮೀ ಆಳದಲ್ಲಿ ಭೂಕಂಪ ಸಂಭವಿಸಿದೆ ಎಂದು ಜಪಾನ್ ಹವಾಮಾನ ಸಂಸ್ಥೆ ತಿಳಿಸಿದೆ. ಸುನಾಮಿ ಎಚ್ಚರಿಕೆ ನೀಡಲಾಗಿದ್ದು ಮಿಸ್ಸೆಲ್ಲದಲ್ಲಿ ಎಲ್ಲಾ ಕಡೆ ಕಟ್ಟೆಚ್ಚರ ವಹಿಸಲಾಗಿದೆ. ಭೂಕಂಪದ ಪರಿಣಾಮ ಹಲವು ಕಟ್ಟಡಗಳು ಮತ್ತು ಮನೆಗಳಿಗೆ ಹಾನಿಯಾಗಿವೆ.
ಕೆಲವು ರೈಲು ಸೇವೆಗಳನ್ನು ಸ್ಥಗಿತಗೊಳಿಸಲಾಗಿದೆ ಮತ್ತು ಪರಿಣಾಮವಾಗಿ ಸಾವಿರಾರು ಮನೆಗಳು ವಿದ್ಯುತ್ ಸಂಪರ್ಕ ಕಡಿತಗೊಂಡಿವೆ ಎಂದು
ಪುಟ 2
ಚಿನಿವಾರಪೇಟೆ - ಮುಂಬೈ, ಡಿಸೆಂಬರ್ 9: ಚಿನ್ನ ಅಪರಂಜಿ - 24 ಕ್ಯಾರೆಟ್ 10 ಗ್ರಾಂ | 1,01,510 | 22 ಕ್ಯಾರೆಟ್ - 10 ಗ್ರಾಂ 93,050 | ಬೆಳ್ಳಿ 1 ಕೆಜಿ - 1,21,000
